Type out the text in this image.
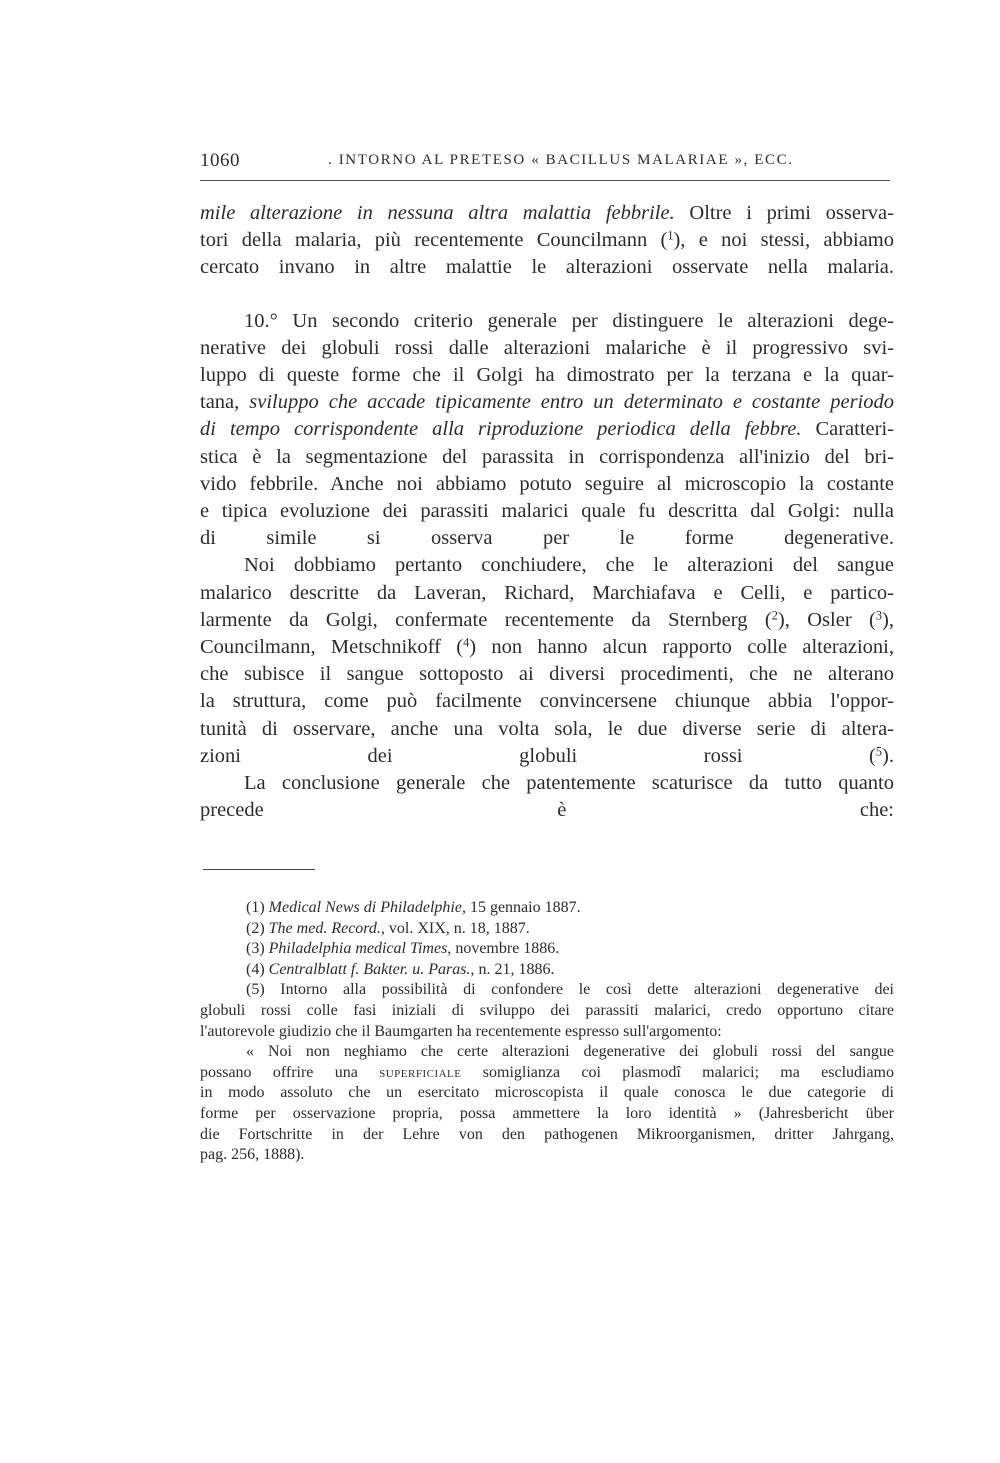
1060	. INTORNO AL PRETESO « BACILLUS MALARIAE », ECC.

mile alterazione in nessuna altra malattia febbrile. Oltre i primi osserva-
tori della malaria, più recentemente Councilmann ($^1$), e noi stessi, abbiamo
cercato invano in altre malattie le alterazioni osservate nella malaria.

10.° Un secondo criterio generale per distinguere le alterazioni dege-
nerative dei globuli rossi dalle alterazioni malariche è il progressivo svi-
luppo di queste forme che il Golgi ha dimostrato per la terzana e la quar-
tana, sviluppo che accade tipicamente entro un determinato e costante periodo
di tempo corrispondente alla riproduzione periodica della febbre. Caratteri-
stica è la segmentazione del parassita in corrispondenza all'inizio del bri-
vido febbrile. Anche noi abbiamo potuto seguire al microscopio la costante
e tipica evoluzione dei parassiti malarici quale fu descritta dal Golgi: nulla
di simile si osserva per le forme degenerative.

Noi dobbiamo pertanto conchiudere, che le alterazioni del sangue
malarico descritte da Laveran, Richard, Marchiafava e Celli, e partico-
larmente da Golgi, confermate recentemente da Sternberg ($^2$), Osler ($^3$),
Councilmann, Metschnikoff ($^4$) non hanno alcun rapporto colle alterazioni,
che subisce il sangue sottoposto ai diversi procedimenti, che ne alterano
la struttura, come può facilmente convincersene chiunque abbia l'oppor-
tunità di osservare, anche una volta sola, le due diverse serie di altera-
zioni dei globuli rossi ($^5$).

La conclusione generale che patentemente scaturisce da tutto quanto
precede è che:

(1) Medical News di Philadelphie, 15 gennaio 1887.
(2) The med. Record., vol. XIX, n. 18, 1887.
(3) Philadelphia medical Times, novembre 1886.
(4) Centralblatt f. Bakter. u. Paras., n. 21, 1886.
(5) Intorno alla possibilità di confondere le così dette alterazioni degenerative dei
globuli rossi colle fasi iniziali di sviluppo dei parassiti malarici, credo opportuno citare
l'autorevole giudizio che il Baumgarten ha recentemente espresso sull'argomento:
« Noi non neghiamo che certe alterazioni degenerative dei globuli rossi del sangue
possano offrire una superficiale somiglianza coi plasmodî malarici; ma escludiamo
in modo assoluto che un esercitato microscopista il quale conosca le due categorie di
forme per osservazione propria, possa ammettere la loro identità » (Jahresbericht über
die Fortschritte in der Lehre von den pathogenen Mikroorganismen, dritter Jahrgang,
pag. 256, 1888).
